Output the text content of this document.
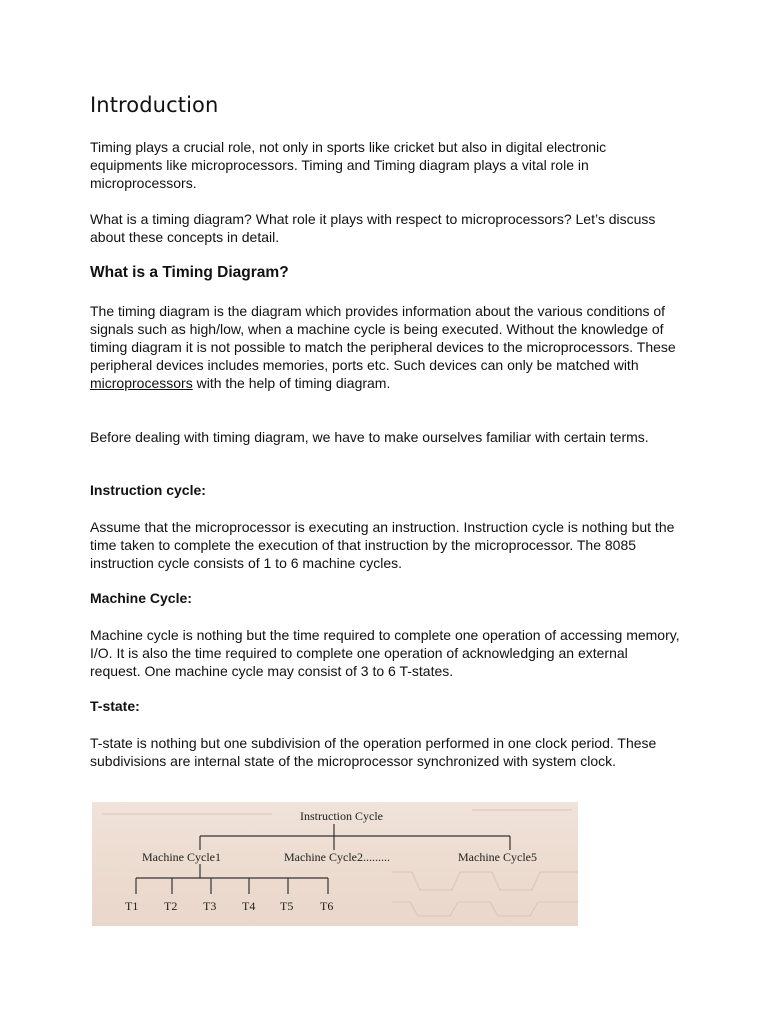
Introduction

Timing plays a crucial role, not only in sports like cricket but also in digital electronic equipments like microprocessors. Timing and Timing diagram plays a vital role in microprocessors.

What is a timing diagram? What role it plays with respect to microprocessors? Let’s discuss about these concepts in detail.

What is a Timing Diagram?

The timing diagram is the diagram which provides information about the various conditions of signals such as high/low, when a machine cycle is being executed. Without the knowledge of timing diagram it is not possible to match the peripheral devices to the microprocessors. These peripheral devices includes memories, ports etc. Such devices can only be matched with microprocessors with the help of timing diagram.

Before dealing with timing diagram, we have to make ourselves familiar with certain terms.

Instruction cycle:

Assume that the microprocessor is executing an instruction. Instruction cycle is nothing but the time taken to complete the execution of that instruction by the microprocessor. The 8085 instruction cycle consists of 1 to 6 machine cycles.

Machine Cycle:

Machine cycle is nothing but the time required to complete one operation of accessing memory, I/O. It is also the time required to complete one operation of acknowledging an external request. One machine cycle may consist of 3 to 6 T-states.

T-state:

T-state is nothing but one subdivision of the operation performed in one clock period. These subdivisions are internal state of the microprocessor synchronized with system clock.

Instruction Cycle
Machine Cycle1	Machine Cycle2.........	Machine Cycle5
T1 T2 T3 T4 T5 T6
